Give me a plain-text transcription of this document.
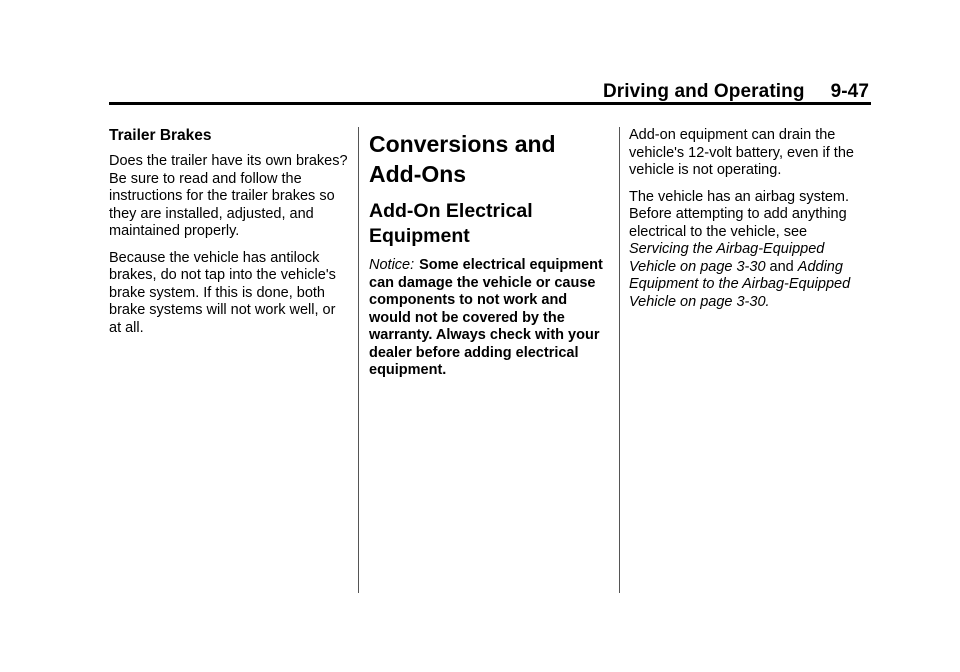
Driving and Operating 9-47
Trailer Brakes

Does the trailer have its own brakes? Be sure to read and follow the instructions for the trailer brakes so they are installed, adjusted, and maintained properly.

Because the vehicle has antilock brakes, do not tap into the vehicle's brake system. If this is done, both brake systems will not work well, or at all.

Conversions and Add-Ons
Add-On Electrical Equipment

Notice: Some electrical equipment can damage the vehicle or cause components to not work and would not be covered by the warranty. Always check with your dealer before adding electrical equipment.

Add-on equipment can drain the vehicle's 12-volt battery, even if the vehicle is not operating.

The vehicle has an airbag system. Before attempting to add anything electrical to the vehicle, see
Servicing the Airbag-Equipped Vehicle on page 3-30 and Adding Equipment to the Airbag-Equipped Vehicle on page 3-30.
